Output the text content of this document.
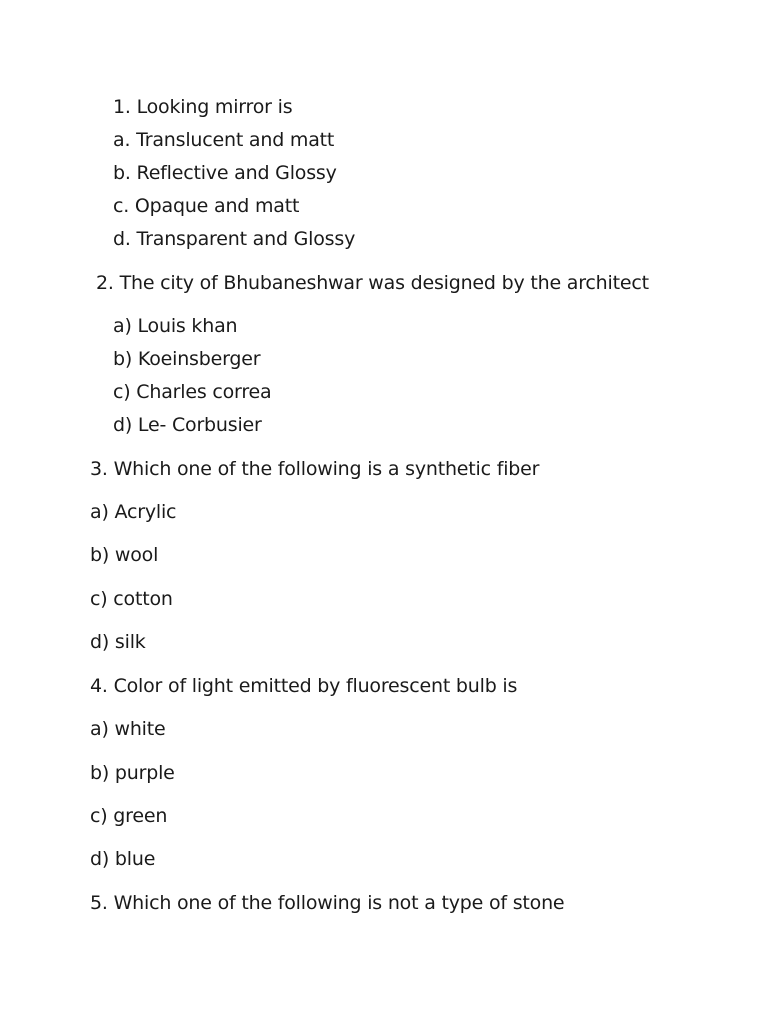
1. Looking mirror is
a. Translucent and matt
b. Reflective and Glossy
c. Opaque and matt
d. Transparent and Glossy
2. The city of Bhubaneshwar was designed by the architect
a) Louis khan
b) Koeinsberger
c) Charles correa
d) Le- Corbusier
3. Which one of the following is a synthetic fiber
a) Acrylic
b) wool
c) cotton
d) silk
4. Color of light emitted by fluorescent bulb is
a) white
b) purple
c) green
d) blue
5. Which one of the following is not a type of stone
